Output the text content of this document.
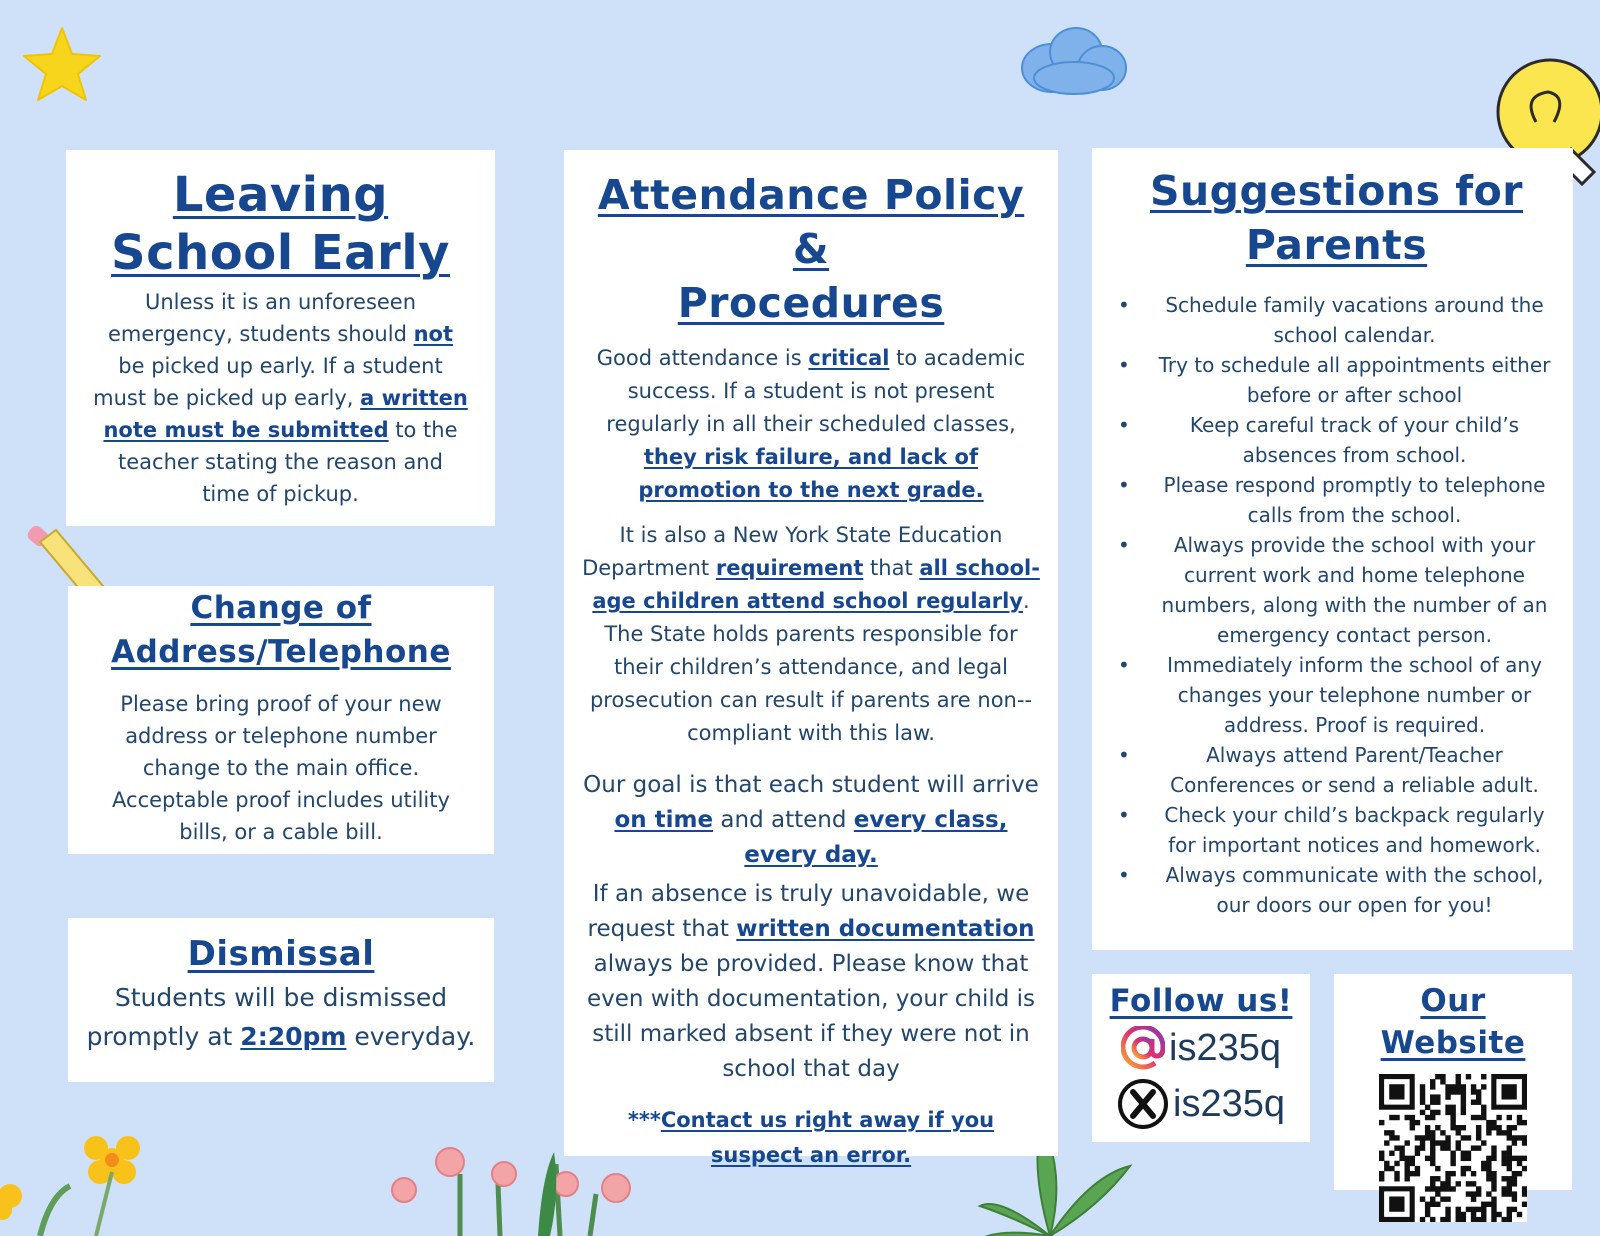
Leaving
School Early

Unless it is an unforeseen emergency, students should not be picked up early. If a student must be picked up early, a written note must be submitted to the teacher stating the reason and time of pickup.

Change of
Address/Telephone

Please bring proof of your new address or telephone number change to the main office. Acceptable proof includes utility bills, or a cable bill.

Dismissal

Students will be dismissed promptly at 2:20pm everyday.

Attendance Policy &
Procedures

Good attendance is critical to academic success. If a student is not present regularly in all their scheduled classes, they risk failure, and lack of promotion to the next grade.

It is also a New York State Education Department requirement that all school-age children attend school regularly. The State holds parents responsible for their children’s attendance, and legal prosecution can result if parents are non--compliant with this law.

Our goal is that each student will arrive on time and attend every class, every day.

If an absence is truly unavoidable, we request that written documentation always be provided. Please know that even with documentation, your child is still marked absent if they were not in school that day

***Contact us right away if you suspect an error.

Suggestions for
Parents
• Schedule family vacations around the school calendar.
• Try to schedule all appointments either before or after school
• Keep careful track of your child’s absences from school.
• Please respond promptly to telephone calls from the school.
• Always provide the school with your current work and home telephone numbers, along with the number of an emergency contact person.
• Immediately inform the school of any changes your telephone number or address. Proof is required.
• Always attend Parent/Teacher Conferences or send a reliable adult.
• Check your child’s backpack regularly for important notices and homework.
• Always communicate with the school, our doors our open for you!
Follow us!
is235q
is235q
Our Website
